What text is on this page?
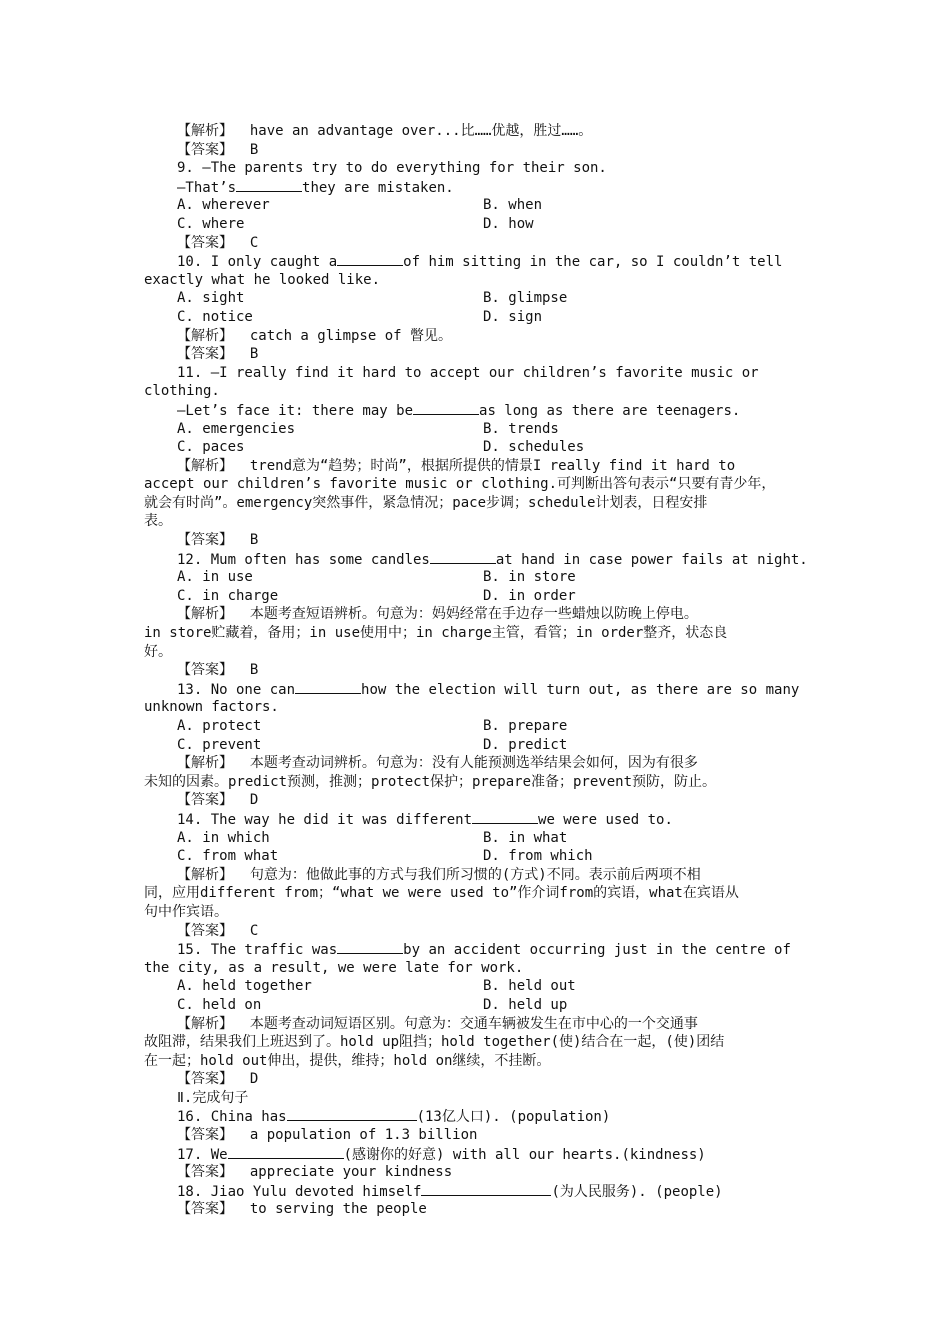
【解析】 have an advantage over...比……优越，胜过……。
【答案】 B
9. —The parents try to do everything for their son.
—That’s	they are mistaken.
A. wherever	B. when
C. where	D. how
【答案】 C
10. I only caught a	of him sitting in the car, so I couldn’t tell
exactly what he looked like.
A. sight	B. glimpse
C. notice	D. sign
【解析】 catch a glimpse of 瞥见。
【答案】 B
11. —I really find it hard to accept our children’s favorite music or
clothing.
—Let’s face it: there may be	as long as there are teenagers.
A. emergencies	B. trends
C. paces	D. schedules
【解析】 trend意为“趋势；时尚”，根据所提供的情景I really find it hard to
accept our children’s favorite music or clothing.可判断出答句表示“只要有青少年，
就会有时尚”。emergency突然事件，紧急情况；pace步调；schedule计划表，日程安排
表。
【答案】 B
12. Mum often has some candles	at hand in case power fails at night.
A. in use	B. in store
C. in charge	D. in order
【解析】 本题考查短语辨析。句意为：妈妈经常在手边存一些蜡烛以防晚上停电。
in store贮藏着，备用；in use使用中；in charge主管，看管；in order整齐，状态良
好。
【答案】 B
13. No one can	how the election will turn out, as there are so many
unknown factors.
A. protect	B. prepare
C. prevent	D. predict
【解析】 本题考查动词辨析。句意为：没有人能预测选举结果会如何，因为有很多
未知的因素。predict预测，推测；protect保护；prepare准备；prevent预防，防止。
【答案】 D
14. The way he did it was different	we were used to.
A. in which	B. in what
C. from what	D. from which
【解析】 句意为：他做此事的方式与我们所习惯的(方式)不同。表示前后两项不相
同，应用different from；“what we were used to”作介词from的宾语，what在宾语从
句中作宾语。
【答案】 C
15. The traffic was	by an accident occurring just in the centre of
the city, as a result, we were late for work.
A. held together	B. held out
C. held on	D. held up
【解析】 本题考查动词短语区别。句意为：交通车辆被发生在市中心的一个交通事
故阻滞，结果我们上班迟到了。hold up阻挡；hold together(使)结合在一起，(使)团结
在一起；hold out伸出，提供，维持；hold on继续，不挂断。
【答案】 D
Ⅱ.完成句子
16. China has	(13亿人口). (population)
【答案】 a population of 1.3 billion
17. We	(感谢你的好意) with all our hearts.(kindness)
【答案】 appreciate your kindness
18. Jiao Yulu devoted himself	(为人民服务). (people)
【答案】 to serving the people
